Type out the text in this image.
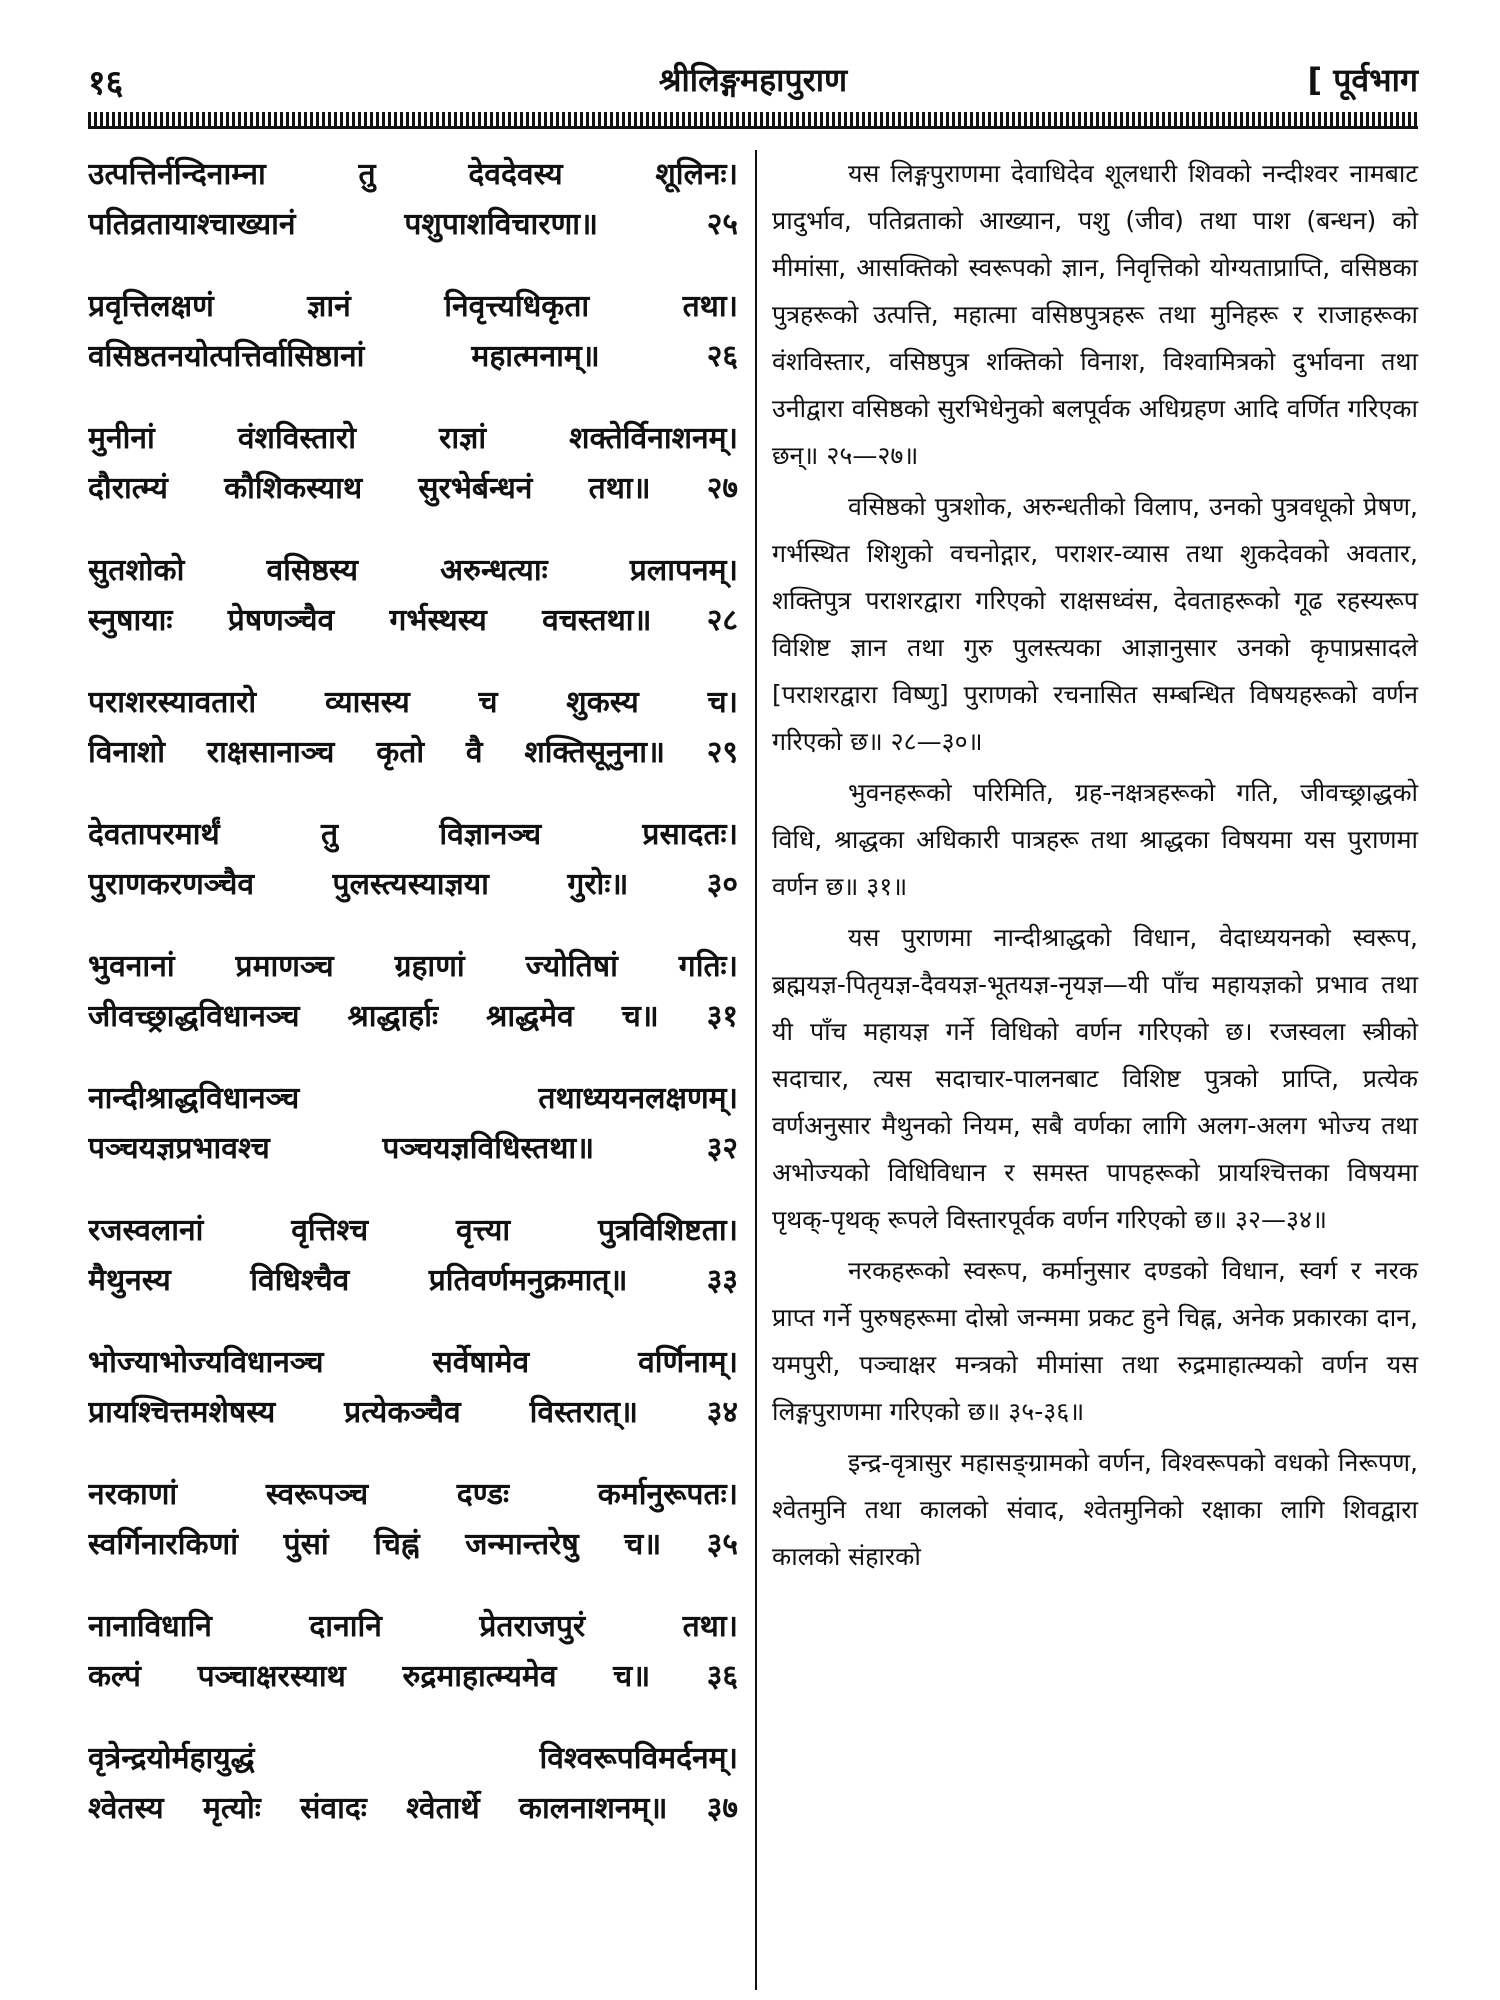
श्रीलिङ्गमहापुराण
१६	[ पूर्वभाग
उत्पत्तिर्नन्दिनाम्ना तु देवदेवस्य शूलिनः।
पतिव्रतायाश्चाख्यानं पशुपाशविचारणा॥ २५
प्रवृत्तिलक्षणं ज्ञानं निवृत्त्यधिकृता तथा।
वसिष्ठतनयोत्पत्तिर्वासिष्ठानां महात्मनाम्॥ २६
मुनीनां वंशविस्तारो राज्ञां शक्तेर्विनाशनम्।
दौरात्म्यं कौशिकस्याथ सुरभेर्बन्धनं तथा॥ २७
सुतशोको वसिष्ठस्य अरुन्धत्याः प्रलापनम्।
स्नुषायाः प्रेषणञ्चैव गर्भस्थस्य वचस्तथा॥ २८
पराशरस्यावतारो व्यासस्य च शुकस्य च।
विनाशो राक्षसानाञ्च कृतो वै शक्तिसूनुना॥ २९
देवतापरमार्थं तु विज्ञानञ्च प्रसादतः।
पुराणकरणञ्चैव पुलस्त्यस्याज्ञया गुरोः॥ ३०
भुवनानां प्रमाणञ्च ग्रहाणां ज्योतिषां गतिः।
जीवच्छ्राद्धविधानञ्च श्राद्धार्हाः श्राद्धमेव च॥ ३१
नान्दीश्राद्धविधानञ्च तथाध्ययनलक्षणम्।
पञ्चयज्ञप्रभावश्च पञ्चयज्ञविधिस्तथा॥ ३२
रजस्वलानां वृत्तिश्च वृत्त्या पुत्रविशिष्टता।
मैथुनस्य विधिश्चैव प्रतिवर्णमनुक्रमात्॥ ३३
भोज्याभोज्यविधानञ्च सर्वेषामेव वर्णिनाम्।
प्रायश्चित्तमशेषस्य प्रत्येकञ्चैव विस्तरात्॥ ३४
नरकाणां स्वरूपञ्च दण्डः कर्मानुरूपतः।
स्वर्गिनारकिणां पुंसां चिह्नं जन्मान्तरेषु च॥ ३५
नानाविधानि दानानि प्रेतराजपुरं तथा।
कल्पं पञ्चाक्षरस्याथ रुद्रमाहात्म्यमेव च॥ ३६
वृत्रेन्द्रयोर्महायुद्धं विश्वरूपविमर्दनम्।
श्वेतस्य मृत्योः संवादः श्वेतार्थे कालनाशनम्॥ ३७

यस लिङ्गपुराणमा देवाधिदेव शूलधारी शिवको नन्दीश्वर नामबाट प्रादुर्भाव, पतिव्रताको आख्यान, पशु (जीव) तथा पाश (बन्धन) को मीमांसा, आसक्तिको स्वरूपको ज्ञान, निवृत्तिको योग्यताप्राप्ति, वसिष्ठका पुत्रहरूको उत्पत्ति, महात्मा वसिष्ठपुत्रहरू तथा मुनिहरू र राजाहरूका वंशविस्तार, वसिष्ठपुत्र शक्तिको विनाश, विश्वामित्रको दुर्भावना तथा उनीद्वारा वसिष्ठको सुरभिधेनुको बलपूर्वक अधिग्रहण आदि वर्णित गरिएका छन्॥ २५—२७॥

वसिष्ठको पुत्रशोक, अरुन्धतीको विलाप, उनको पुत्रवधूको प्रेषण, गर्भस्थित शिशुको वचनोद्गार, पराशर-व्यास तथा शुकदेवको अवतार, शक्तिपुत्र पराशरद्वारा गरिएको राक्षसध्वंस, देवताहरूको गूढ रहस्यरूप विशिष्ट ज्ञान तथा गुरु पुलस्त्यका आज्ञानुसार उनको कृपाप्रसादले [पराशरद्वारा विष्णु] पुराणको रचनासित सम्बन्धित विषयहरूको वर्णन गरिएको छ॥ २८—३०॥

भुवनहरूको परिमिति, ग्रह-नक्षत्रहरूको गति, जीवच्छ्राद्धको विधि, श्राद्धका अधिकारी पात्रहरू तथा श्राद्धका विषयमा यस पुराणमा वर्णन छ॥ ३१॥

यस पुराणमा नान्दीश्राद्धको विधान, वेदाध्ययनको स्वरूप, ब्रह्मयज्ञ-पितृयज्ञ-दैवयज्ञ-भूतयज्ञ-नृयज्ञ—यी पाँच महायज्ञको प्रभाव तथा यी पाँच महायज्ञ गर्ने विधिको वर्णन गरिएको छ। रजस्वला स्त्रीको सदाचार, त्यस सदाचार-पालनबाट विशिष्ट पुत्रको प्राप्ति, प्रत्येक वर्णअनुसार मैथुनको नियम, सबै वर्णका लागि अलग-अलग भोज्य तथा अभोज्यको विधिविधान र समस्त पापहरूको प्रायश्चित्तका विषयमा पृथक्-पृथक् रूपले विस्तारपूर्वक वर्णन गरिएको छ॥ ३२—३४॥

नरकहरूको स्वरूप, कर्मानुसार दण्डको विधान, स्वर्ग र नरक प्राप्त गर्ने पुरुषहरूमा दोस्रो जन्ममा प्रकट हुने चिह्न, अनेक प्रकारका दान, यमपुरी, पञ्चाक्षर मन्त्रको मीमांसा तथा रुद्रमाहात्म्यको वर्णन यस लिङ्गपुराणमा गरिएको छ॥ ३५-३६॥

इन्द्र-वृत्रासुर महासङ्ग्रामको वर्णन, विश्वरूपको वधको निरूपण, श्वेतमुनि तथा कालको संवाद, श्वेतमुनिको रक्षाका लागि शिवद्वारा कालको संहारको
